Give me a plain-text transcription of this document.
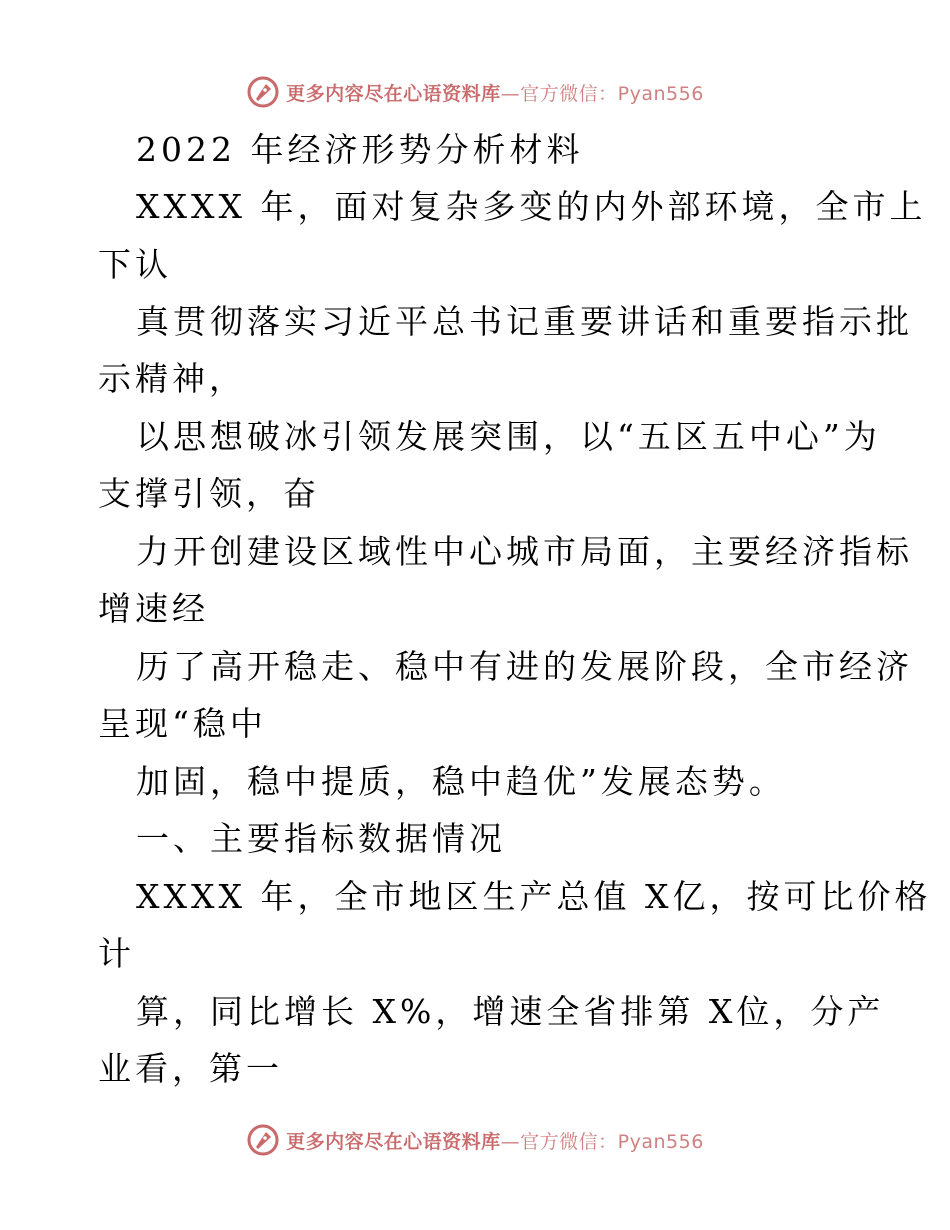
更多内容尽在心语资料库—官方微信：Pyan556
2022 年经济形势分析材料
XXXX 年，面对复杂多变的内外部环境，全市上
下认
真贯彻落实习近平总书记重要讲话和重要指示批
示精神，
以思想破冰引领发展突围，以“五区五中心”为
支撑引领，奋
力开创建设区域性中心城市局面，主要经济指标
增速经
历了高开稳走、稳中有进的发展阶段，全市经济
呈现“稳中
加固，稳中提质，稳中趋优”发展态势。
一、主要指标数据情况
XXXX 年，全市地区生产总值 X亿，按可比价格
计
算，同比增长 X%，增速全省排第 X位，分产
业看，第一
更多内容尽在心语资料库—官方微信：Pyan556
